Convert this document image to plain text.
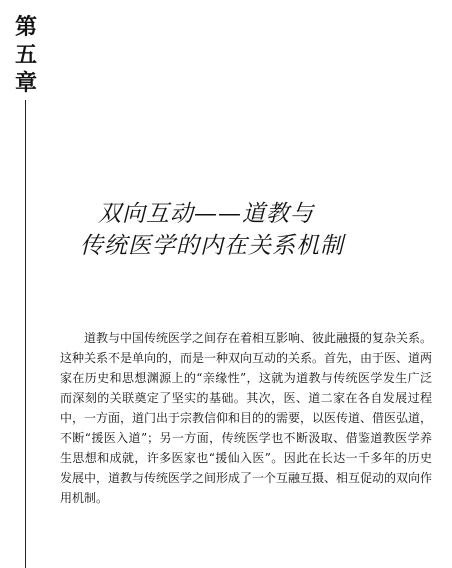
第
五
章
双向互动——道教与
传统医学的内在关系机制

道教与中国传统医学之间存在着相互影响、彼此融摄的复杂关系。这种关系不是单向的，而是一种双向互动的关系。首先，由于医、道两家在历史和思想渊源上的“亲缘性”，这就为道教与传统医学发生广泛而深刻的关联奠定了坚实的基础。其次，医、道二家在各自发展过程中，一方面，道门出于宗教信仰和目的的需要，以医传道、借医弘道，不断“援医入道”；另一方面，传统医学也不断汲取、借鉴道教医学养生思想和成就，许多医家也“援仙入医”。因此在长达一千多年的历史发展中，道教与传统医学之间形成了一个互融互摄、相互促动的双向作用机制。
